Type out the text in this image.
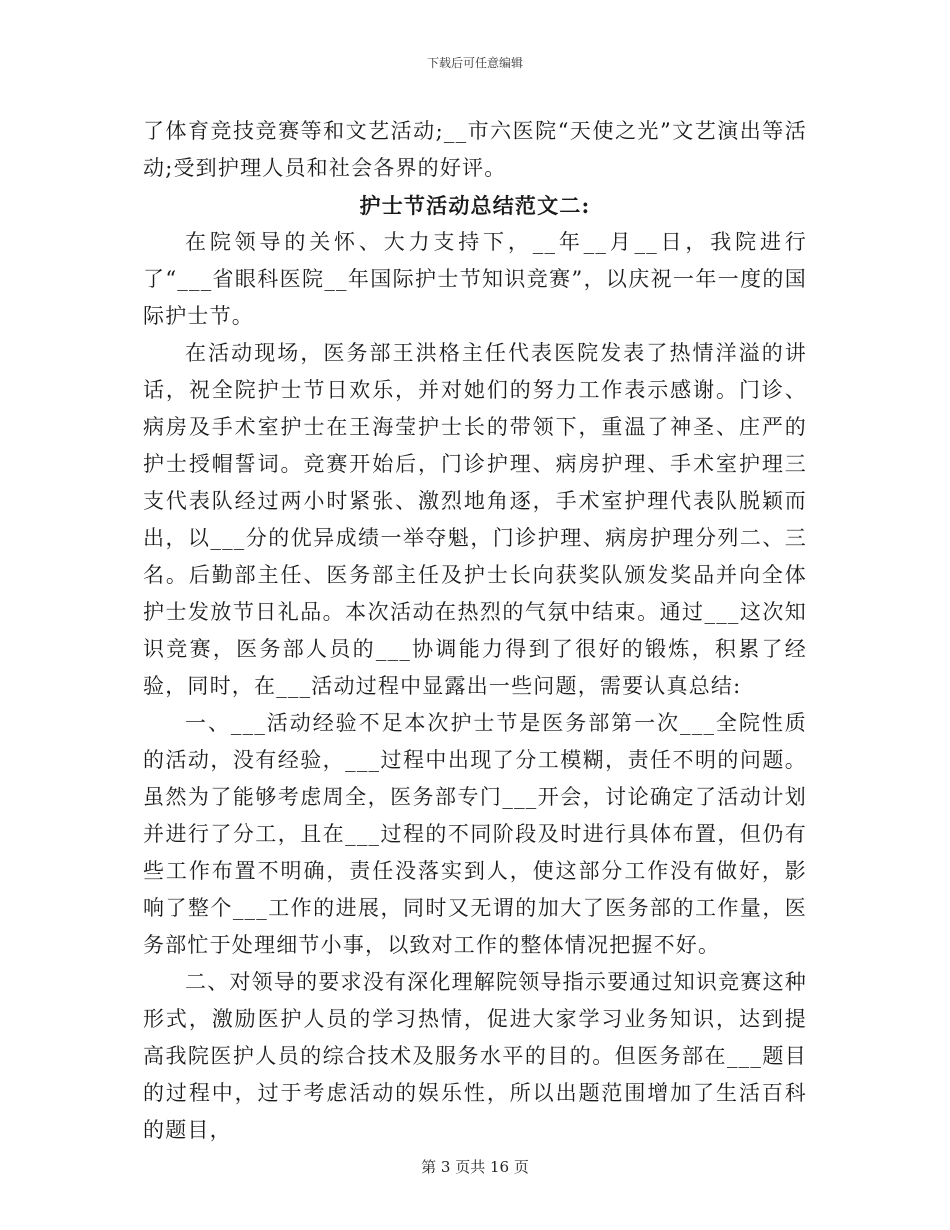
下载后可任意编辑

了体育竞技竞赛等和文艺活动;__市六医院“天使之光”文艺演出等活动;受到护理人员和社会各界的好评。

护士节活动总结范文二:

在院领导的关怀、大力支持下，__年__月__日，我院进行了“___省眼科医院__年国际护士节知识竞赛”，以庆祝一年一度的国际护士节。

在活动现场，医务部王洪格主任代表医院发表了热情洋溢的讲话，祝全院护士节日欢乐，并对她们的努力工作表示感谢。门诊、病房及手术室护士在王海莹护士长的带领下，重温了神圣、庄严的护士授帽誓词。竞赛开始后，门诊护理、病房护理、手术室护理三支代表队经过两小时紧张、激烈地角逐，手术室护理代表队脱颖而出，以___分的优异成绩一举夺魁，门诊护理、病房护理分列二、三名。后勤部主任、医务部主任及护士长向获奖队颁发奖品并向全体护士发放节日礼品。本次活动在热烈的气氛中结束。通过___这次知识竞赛，医务部人员的___协调能力得到了很好的锻炼，积累了经验，同时，在___活动过程中显露出一些问题，需要认真总结:

一、___活动经验不足本次护士节是医务部第一次___全院性质的活动，没有经验，___过程中出现了分工模糊，责任不明的问题。虽然为了能够考虑周全，医务部专门___开会，讨论确定了活动计划并进行了分工，且在___过程的不同阶段及时进行具体布置，但仍有些工作布置不明确，责任没落实到人，使这部分工作没有做好，影响了整个___工作的进展，同时又无谓的加大了医务部的工作量，医务部忙于处理细节小事，以致对工作的整体情况把握不好。

二、对领导的要求没有深化理解院领导指示要通过知识竞赛这种形式，激励医护人员的学习热情，促进大家学习业务知识，达到提高我院医护人员的综合技术及服务水平的目的。但医务部在___题目的过程中，过于考虑活动的娱乐性，所以出题范围增加了生活百科的题目，

第 3 页共 16 页
